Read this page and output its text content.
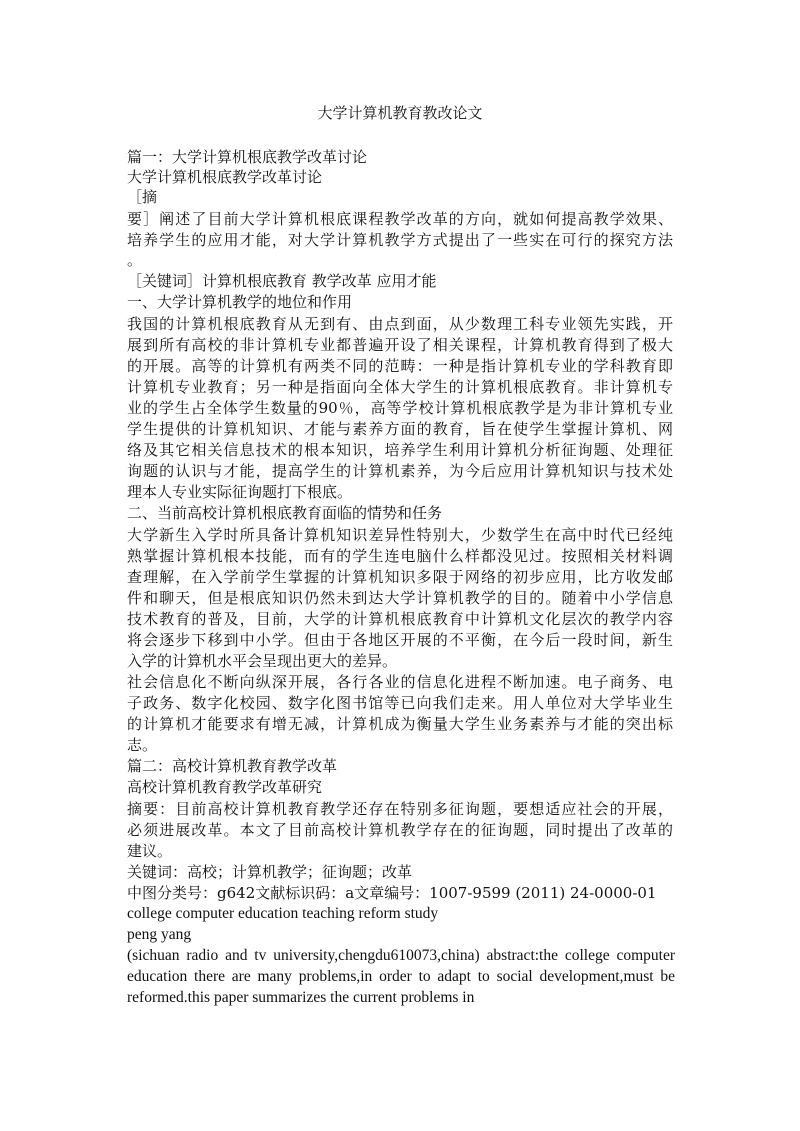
大学计算机教育教改论文
篇一：大学计算机根底教学改革讨论
大学计算机根底教学改革讨论
［摘
要］阐述了目前大学计算机根底课程教学改革的方向，就如何提高教学效果、
培养学生的应用才能，对大学计算机教学方式提出了一些实在可行的探究方法
。
［关键词］计算机根底教育 教学改革 应用才能
一、大学计算机教学的地位和作用
我国的计算机根底教育从无到有、由点到面，从少数理工科专业领先实践，开
展到所有高校的非计算机专业都普遍开设了相关课程，计算机教育得到了极大
的开展。高等的计算机有两类不同的范畴：一种是指计算机专业的学科教育即
计算机专业教育；另一种是指面向全体大学生的计算机根底教育。非计算机专
业的学生占全体学生数量的90％，高等学校计算机根底教学是为非计算机专业
学生提供的计算机知识、才能与素养方面的教育，旨在使学生掌握计算机、网
络及其它相关信息技术的根本知识，培养学生利用计算机分析征询题、处理征
询题的认识与才能，提高学生的计算机素养，为今后应用计算机知识与技术处
理本人专业实际征询题打下根底。
二、当前高校计算机根底教育面临的情势和任务
大学新生入学时所具备计算机知识差异性特别大，少数学生在高中时代已经纯
熟掌握计算机根本技能，而有的学生连电脑什么样都没见过。按照相关材料调
查理解，在入学前学生掌握的计算机知识多限于网络的初步应用，比方收发邮
件和聊天，但是根底知识仍然未到达大学计算机教学的目的。随着中小学信息
技术教育的普及，目前，大学的计算机根底教育中计算机文化层次的教学内容
将会逐步下移到中小学。但由于各地区开展的不平衡，在今后一段时间，新生
入学的计算机水平会呈现出更大的差异。
社会信息化不断向纵深开展，各行各业的信息化进程不断加速。电子商务、电
子政务、数字化校园、数字化图书馆等已向我们走来。用人单位对大学毕业生
的计算机才能要求有增无减，计算机成为衡量大学生业务素养与才能的突出标
志。
篇二：高校计算机教育教学改革
高校计算机教育教学改革研究
摘要：目前高校计算机教育教学还存在特别多征询题，要想适应社会的开展，
必须进展改革。本文了目前高校计算机教学存在的征询题，同时提出了改革的
建议。
关键词：高校；计算机教学；征询题；改革
中图分类号：g642文献标识码：a文章编号：1007-9599 (2011) 24-0000-01
college computer education teaching reform study
peng yang
(sichuan radio and tv university,chengdu610073,china) abstract:the college computer
education there are many problems,in order to adapt to social development,must be
reformed.this paper summarizes the current problems in
